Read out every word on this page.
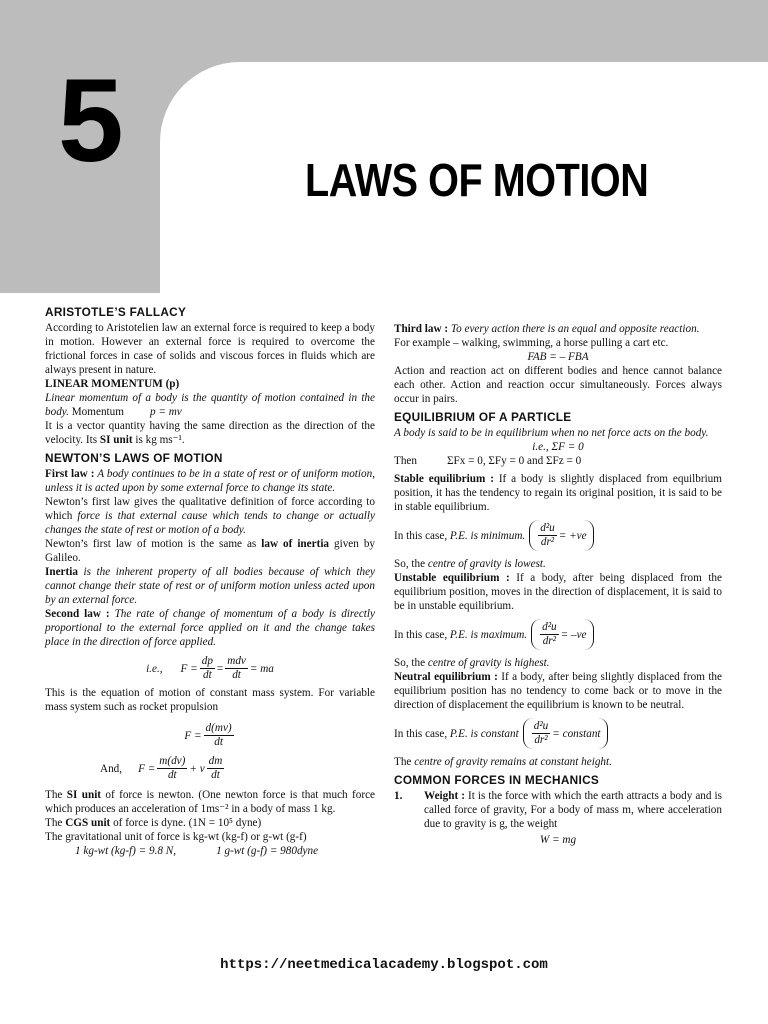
5	LAWS OF MOTION
ARISTOTLE’S FALLACY

According to Aristotelien law an external force is required to keep a body in motion. However an external force is required to overcome the frictional forces in case of solids and viscous forces in fluids which are always present in nature.

LINEAR MOMENTUM (p)

Linear momentum of a body is the quantity of motion contained in the body. Momentum p = mv

It is a vector quantity having the same direction as the direction of the velocity. Its SI unit is kg ms⁻¹.

NEWTON’S LAWS OF MOTION

First law : A body continues to be in a state of rest or of uniform motion, unless it is acted upon by some external force to change its state.

Newton’s first law gives the qualitative definition of force according to which force is that external cause which tends to change or actually changes the state of rest or motion of a body.

Newton’s first law of motion is the same as law of inertia given by Galileo.

Inertia is the inherent property of all bodies because of which they cannot change their state of rest or of uniform motion unless acted upon by an external force.

Second law : The rate of change of momentum of a body is directly proportional to the external force applied on it and the change takes place in the direction of force applied.

i.e., $F = \frac{dp}{dt} = \frac{\text{mdv}}{dt}$ = ma

This is the equation of motion of constant mass system. For variable mass system such as rocket propulsion

$F = \frac{d(mv)}{dt}$
And, $F = \frac{m(dv)}{dt} + v \frac{dm}{dt}$

The SI unit of force is newton. (One newton force is that much force which produces an acceleration of 1ms⁻² in a body of mass 1 kg.

The CGS unit of force is dyne. (1N = 10⁵ dyne)

The gravitational unit of force is kg-wt (kg-f) or g-wt (g-f)

1 kg-wt (kg-f) = 9.8 N,	1 g-wt (g-f) = 980dyne

Third law : To every action there is an equal and opposite reaction.

For example – walking, swimming, a horse pulling a cart etc.

FAB = – FBA

Action and reaction act on different bodies and hence cannot balance each other. Action and reaction occur simultaneously. Forces always occur in pairs.

EQUILIBRIUM OF A PARTICLE

A body is said to be in equilibrium when no net force acts on the body.

i.e., ΣF = 0

Then	ΣFx = 0, ΣFy = 0 and ΣFz = 0

Stable equilibrium : If a body is slightly displaced from equilbrium position, it has the tendency to regain its original position, it is said to be in stable equilibrium.

In this case,
P.E. is minimum. $\frac{\text{d²u}}{\text{dr²}} = +ve$

So, the centre of gravity is lowest.

Unstable equilibrium : If a body, after being displaced from the equilibrium position, moves in the direction of displacement, it is said to be in unstable equilibrium.

In this case,
P.E. is maximum. $\frac{\text{d²u}}{\text{dr²}} = -ve$

So, the centre of gravity is highest.

Neutral equilibrium : If a body, after being slightly displaced from the equilibrium position has no tendency to come back or to move in the direction of displacement the equilibrium is known to be neutral.

In this case,
P.E. is constant $\frac{\text{d²u}}{\text{dr²}}$ = constant

The centre of gravity remains at constant height.

COMMON FORCES IN MECHANICS
1.	Weight : It is the force with which the earth attracts a body and is called force of gravity, For a body of mass m, where acceleration due to gravity is g, the weight

W = mg

https://neetmedicalacademy.blogspot.com
